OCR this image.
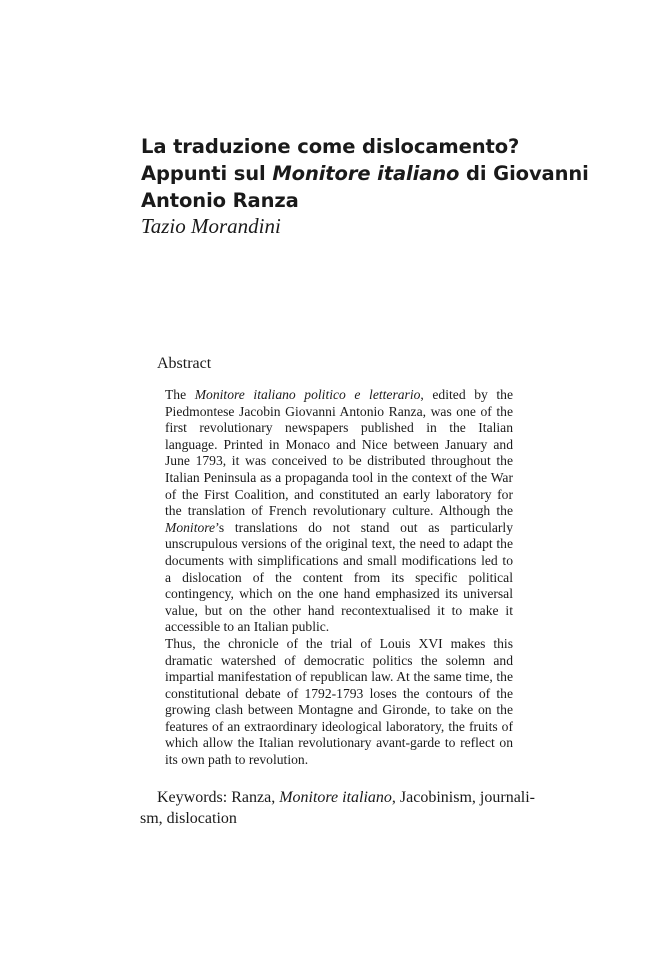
La traduzione come dislocamento?
Appunti sul Monitore italiano di Giovanni
Antonio Ranza

Tazio Morandini

Abstract

The Monitore italiano politico e letterario, edited by the Piedmontese Jacobin Giovanni Antonio Ranza, was one of the first revolutionary newspapers published in the Italian language. Printed in Monaco and Nice between January and June 1793, it was conceived to be distributed throughout the Italian Peninsula as a propaganda tool in the context of the War of the First Coalition, and constituted an early laboratory for the translation of French revolutionary culture. Although the Monitore’s translations do not stand out as particularly unscrupulous versions of the original text, the need to adapt the documents with simplifications and small modifications led to a dislocation of the content from its specific political contingency, which on the one hand emphasized its universal value, but on the other hand recontextualised it to make it accessible to an Italian public.

Thus, the chronicle of the trial of Louis XVI makes this dramatic watershed of democratic politics the solemn and impartial manifestation of republican law. At the same time, the constitutional debate of 1792-1793 loses the contours of the growing clash between Montagne and Gironde, to take on the features of an extraordinary ideological laboratory, the fruits of which allow the Italian revolutionary avant-garde to reflect on its own path to revolution.

Keywords: Ranza, Monitore italiano, Jacobinism, journali-sm, dislocation
